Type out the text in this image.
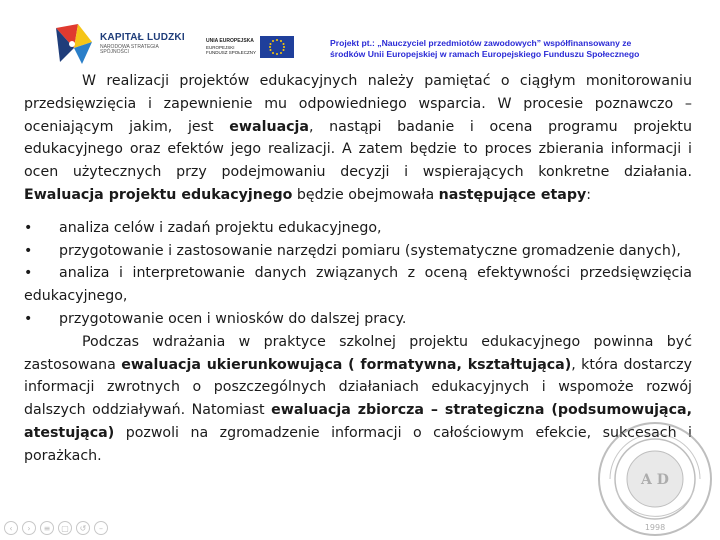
KAPITAŁ LUDZKI
NARODOWA STRATEGIA SPÓJNOŚCI
UNIA EUROPEJSKA
EUROPEJSKI
FUNDUSZ SPOŁECZNY
Projekt pt.: „Nauczyciel przedmiotów zawodowych” współfinansowany ze
środków Unii Europejskiej w ramach Europejskiego Funduszu Społecznego

W realizacji projektów edukacyjnych należy pamiętać o ciągłym monitorowaniu przedsięwzięcia i zapewnienie mu odpowiedniego wsparcia. W procesie poznawczo – oceniającym jakim, jest ewaluacja, nastąpi badanie i ocena programu projektu edukacyjnego oraz efektów jego realizacji. A zatem będzie to proces zbierania informacji i ocen użytecznych przy podejmowaniu decyzji i wspierających konkretne działania. Ewaluacja projektu edukacyjnego będzie obejmowała następujące etapy:

• analiza celów i zadań projektu edukacyjnego,
• przygotowanie i zastosowanie narzędzi pomiaru (systematyczne gromadzenie danych),
• analiza i interpretowanie danych związanych z oceną efektywności przedsięwzięcia edukacyjnego,
• przygotowanie ocen i wniosków do dalszej pracy.

Podczas wdrażania w praktyce szkolnej projektu edukacyjnego powinna być zastosowana ewaluacja ukierunkowująca ( formatywna, kształtująca), która dostarczy informacji zwrotnych o poszczególnych działaniach edukacyjnych i wspomoże rozwój dalszych oddziaływań. Natomiast ewaluacja zbiorcza – strategiczna (podsumowująca, atestująca) pozwoli na zgromadzenie informacji o całościowym efekcie, sukcesach i porażkach.

A D
1998
‹	›	≡	▢	↺	–
